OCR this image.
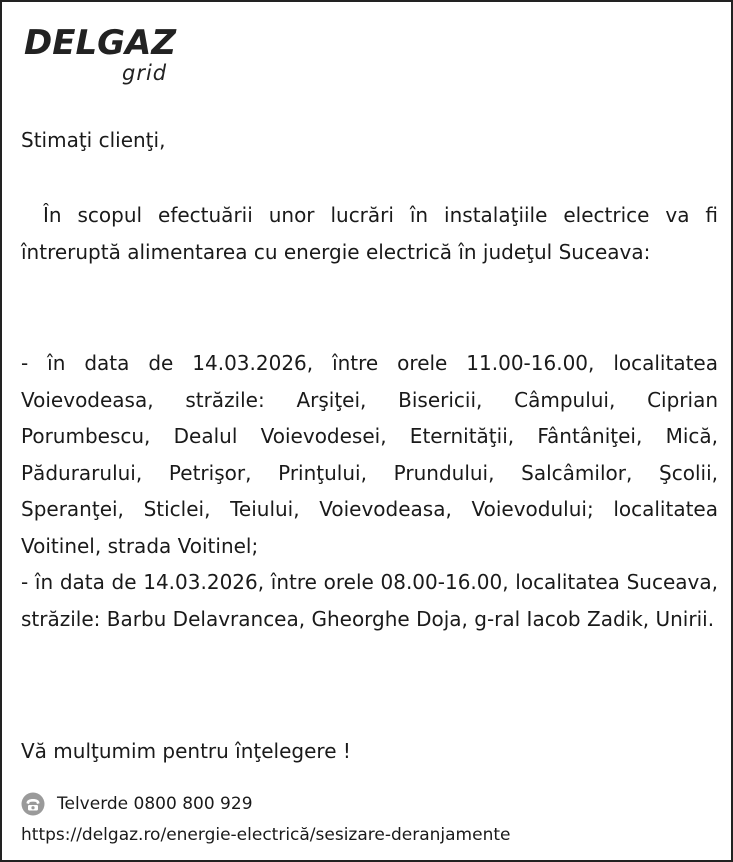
DELGAZ
grid
Stimaţi clienţi,
În scopul efectuării unor lucrări în instalaţiile electrice va fi întreruptă alimentarea cu energie electrică în judeţul Suceava:

- în data de 14.03.2026, între orele 11.00-16.00, localitatea Voievodeasa, străzile: Arşiţei, Bisericii, Câmpului, Ciprian Porumbescu, Dealul Voievodesei, Eternităţii, Fântâniţei, Mică, Pădurarului, Petrişor, Prinţului, Prundului, Salcâmilor, Şcolii, Speranţei, Sticlei, Teiului, Voievodeasa, Voievodului; localitatea Voitinel, strada Voitinel;

- în data de 14.03.2026, între orele 08.00-16.00, localitatea Suceava, străzile: Barbu Delavrancea, Gheorghe Doja, g-ral Iacob Zadik, Unirii.

Vă mulţumim pentru înţelegere !
Telverde 0800 800 929
https://delgaz.ro/energie-electrică/sesizare-deranjamente
